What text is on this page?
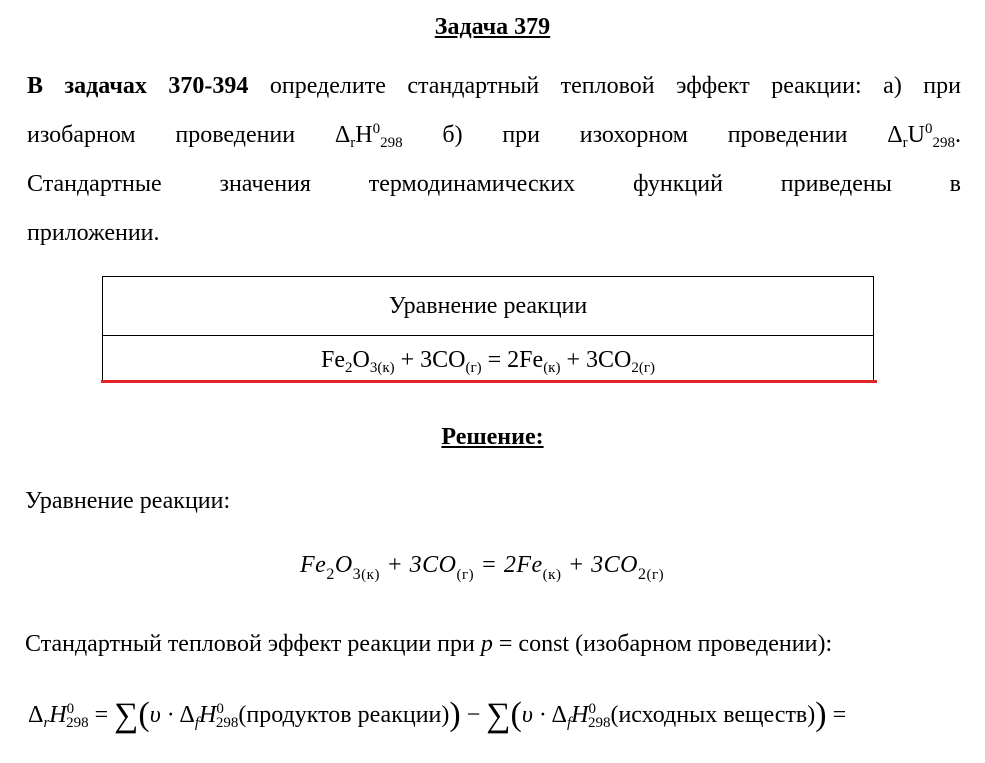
Задача 379
В задачах 370-394 определите стандартный тепловой эффект реакции: а) при
изобарном проведении $\Delta_rH^0_{298}$ б) при изохорном проведении $\Delta_rU^0_{298}$.
Стандартные значения термодинамических функций приведены в
приложении.
Уравнение реакции
$Fe_2O_{3(к)} + 3CO_{(г)} = 2Fe_{(к)} + 3CO_{2(г)}$
Решение:
Уравнение реакции:
$Fe_2O_{3(к)} + 3CO_{(г)} = 2Fe_{(к)} + 3CO_{2(г)}$
Стандартный тепловой эффект реакции при p = const (изобарном проведении):
$\Delta_rH^0_{298} = \sum(\upsilon$ · $\Delta_fH^0_{298}(продуктов$ реакции)) − $\sum(\upsilon \cdot \Delta_fH^0_{298}(исходных$ веществ)) =
